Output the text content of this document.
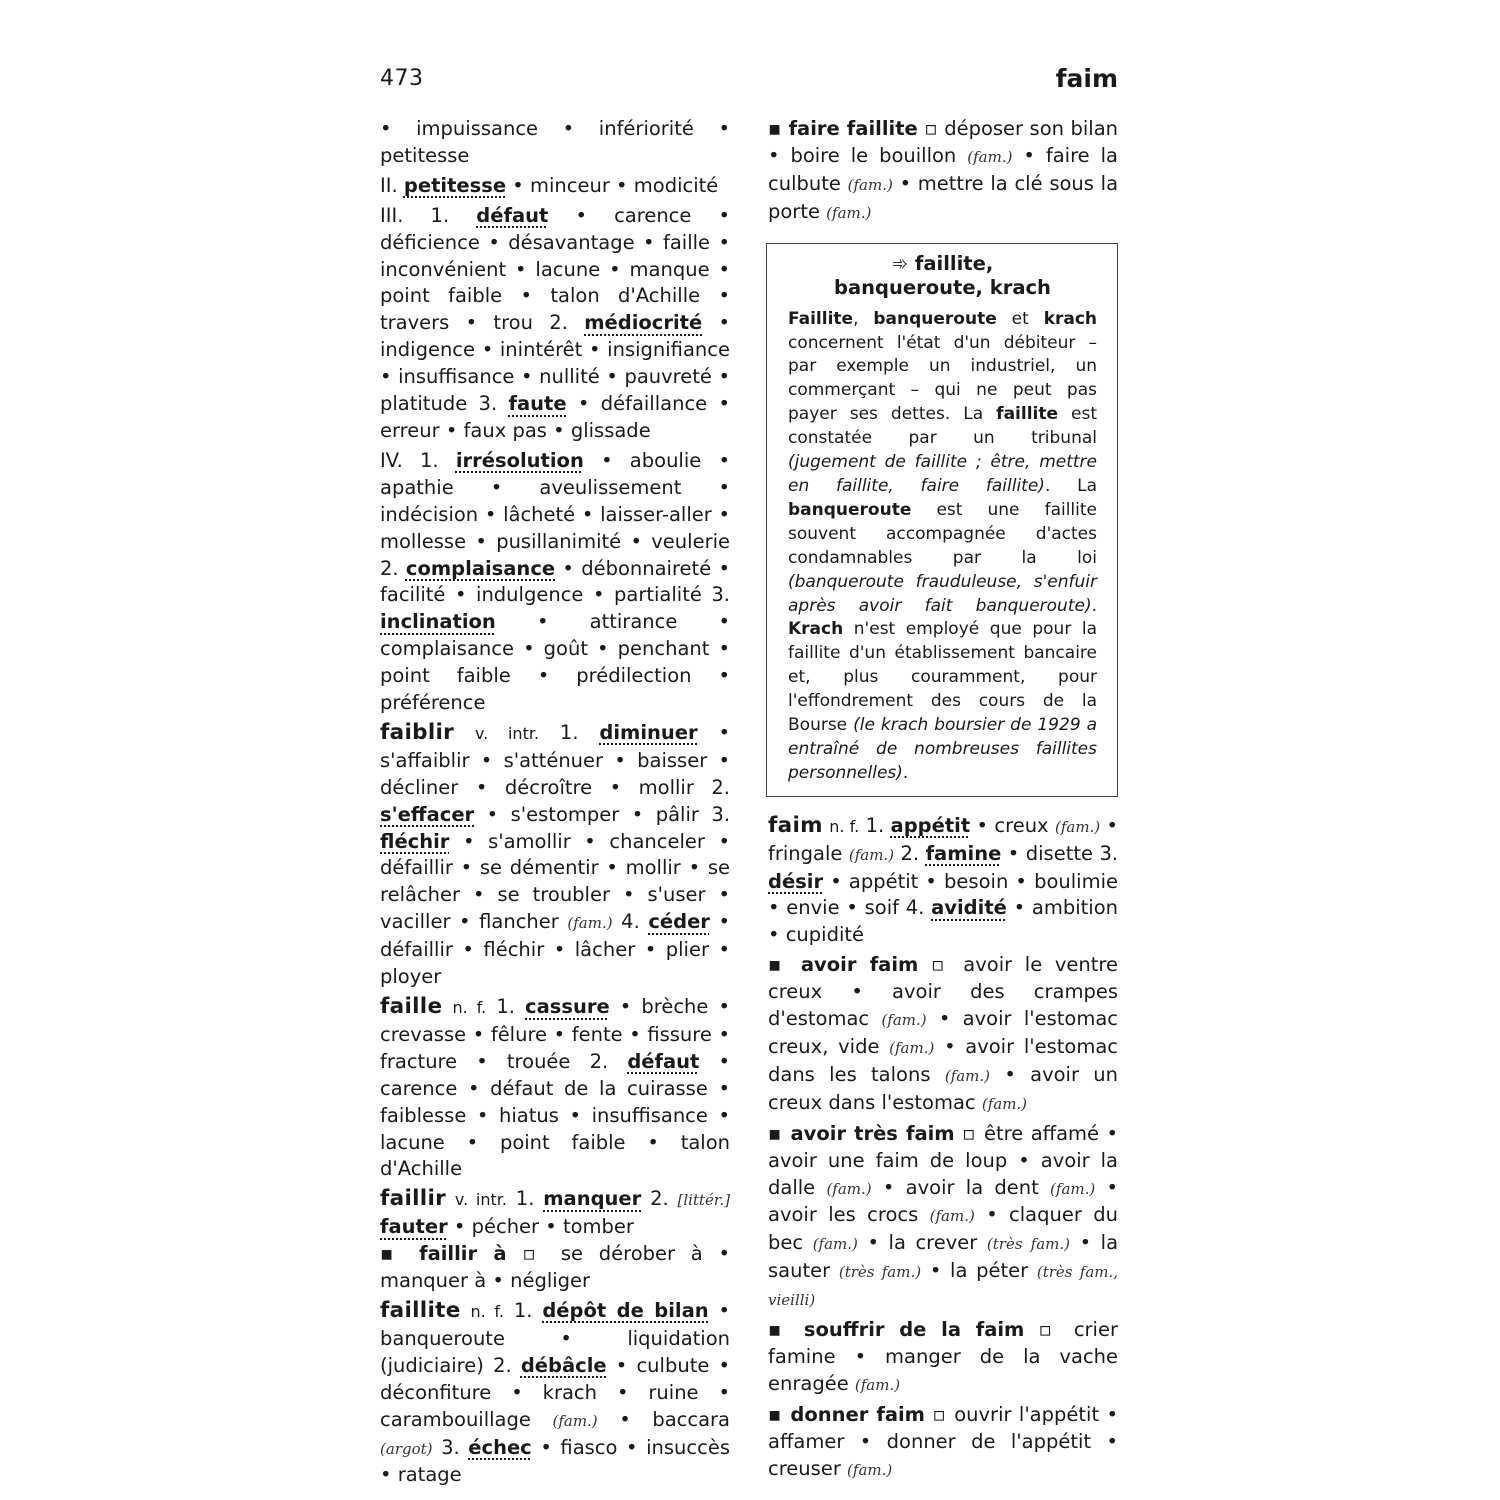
473	faim

• impuissance • infériorité • petitesse

II. petitesse • minceur • modicité

III. 1. défaut • carence • déficience • désavantage • faille • inconvénient • lacune • manque • point faible • talon d'Achille • travers • trou 2. médiocrité • indigence • inintérêt • insignifiance • insuffisance • nullité • pauvreté • platitude 3. faute • défaillance • erreur • faux pas • glissade

IV. 1. irrésolution • aboulie • apathie • aveulissement • indécision • lâcheté • laisser-aller • mollesse • pusillanimité • veulerie 2. complaisance • débonnaireté • facilité • indulgence • partialité 3. inclination • attirance • complaisance • goût • penchant • point faible • prédilection • préférence

faiblir v. intr. 1. diminuer • s'affaiblir • s'atténuer • baisser • décliner • décroître • mollir 2. s'effacer • s'estomper • pâlir 3. fléchir • s'amollir • chanceler • défaillir • se démentir • mollir • se relâcher • se troubler • s'user • vaciller • flancher (fam.) 4. céder • défaillir • fléchir • lâcher • plier • ployer

faille n. f. 1. cassure • brèche • crevasse • fêlure • fente • fissure • fracture • trouée 2. défaut • carence • défaut de la cuirasse • faiblesse • hiatus • insuffisance • lacune • point faible • talon d'Achille

faillir v. intr. 1. manquer 2. [littér.] fauter • pécher • tomber
▪ faillir à ▫ se dérober à • manquer à • négliger

faillite n. f. 1. dépôt de bilan • banqueroute • liquidation (judiciaire) 2. débâcle • culbute • déconfiture • krach • ruine • carambouillage (fam.) • baccara (argot) 3. échec • fiasco • insuccès • ratage

▪ faire faillite ▫ déposer son bilan • boire le bouillon (fam.) • faire la culbute (fam.) • mettre la clé sous la porte (fam.)

➾ faillite,
banqueroute, krach
Faillite, banqueroute et krach concernent l'état d'un débiteur – par exemple un industriel, un commerçant – qui ne peut pas payer ses dettes. La faillite est constatée par un tribunal (jugement de faillite ; être, mettre en faillite, faire faillite). La banqueroute est une faillite souvent accompagnée d'actes condamnables par la loi (banqueroute frauduleuse, s'enfuir après avoir fait banqueroute). Krach n'est employé que pour la faillite d'un établissement bancaire et, plus couramment, pour l'effondrement des cours de la Bourse (le krach boursier de 1929 a entraîné de nombreuses faillites personnelles).

faim n. f. 1. appétit • creux (fam.) • fringale (fam.) 2. famine • disette 3. désir • appétit • besoin • boulimie • envie • soif 4. avidité • ambition • cupidité

▪ avoir faim ▫ avoir le ventre creux • avoir des crampes d'estomac (fam.) • avoir l'estomac creux, vide (fam.) • avoir l'estomac dans les talons (fam.) • avoir un creux dans l'estomac (fam.)

▪ avoir très faim ▫ être affamé • avoir une faim de loup • avoir la dalle (fam.) • avoir la dent (fam.) • avoir les crocs (fam.) • claquer du bec (fam.) • la crever (très fam.) • la sauter (très fam.) • la péter (très fam., vieilli)

▪ souffrir de la faim ▫ crier famine • manger de la vache enragée (fam.)

▪ donner faim ▫ ouvrir l'appétit • affamer • donner de l'appétit • creuser (fam.)
